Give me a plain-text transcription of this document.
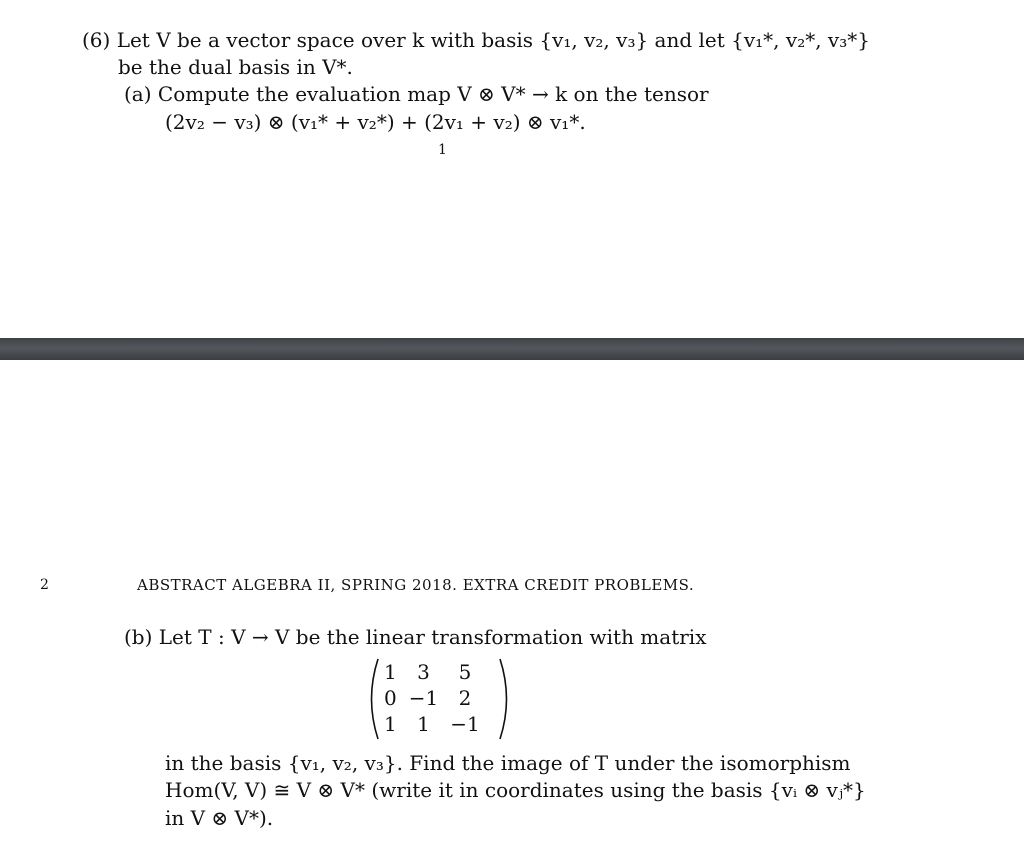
(6) Let V be a vector space over k with basis {v₁, v₂, v₃} and let {v₁*, v₂*, v₃*}
be the dual basis in V*.
(a) Compute the evaluation map V ⊗ V* → k on the tensor
(2v₂ − v₃) ⊗ (v₁* + v₂*) + (2v₁ + v₂) ⊗ v₁*.
1
2	ABSTRACT ALGEBRA II, SPRING 2018. EXTRA CREDIT PROBLEMS.
(b) Let T : V → V be the linear transformation with matrix
1	3	5
0	−1	2
1	1	−1
in the basis {v₁, v₂, v₃}. Find the image of T under the isomorphism
Hom(V, V) ≅ V ⊗ V* (write it in coordinates using the basis {vᵢ ⊗ vⱼ*}
in V ⊗ V*).
